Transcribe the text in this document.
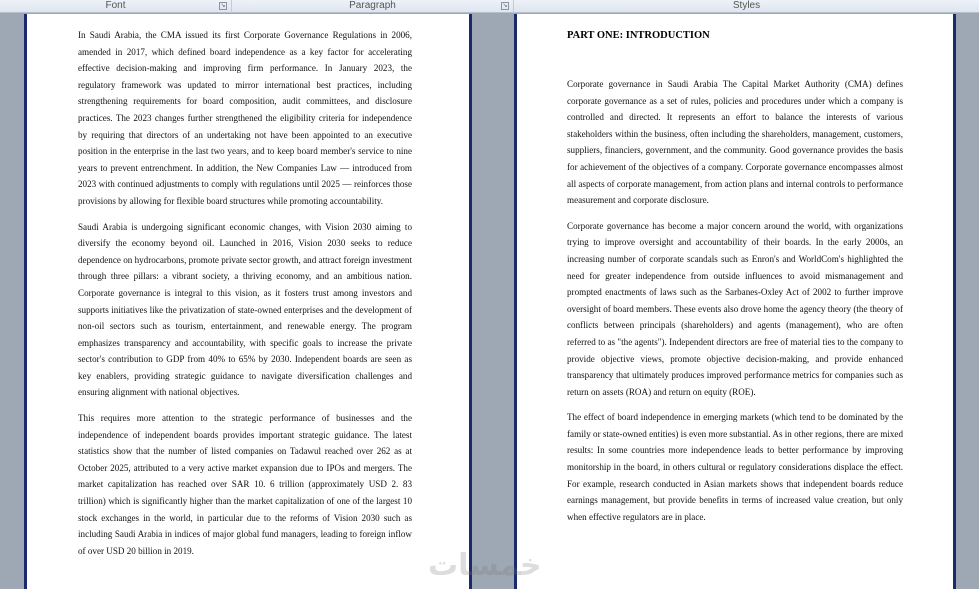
Font	↘	Paragraph	↘	Styles

In Saudi Arabia, the CMA issued its first Corporate Governance Regulations in 2006, amended in 2017, which defined board independence as a key factor for accelerating effective decision-making and improving firm performance. In January 2023, the regulatory framework was updated to mirror international best practices, including strengthening requirements for board composition, audit committees, and disclosure practices. The 2023 changes further strengthened the eligibility criteria for independence by requiring that directors of an undertaking not have been appointed to an executive position in the enterprise in the last two years, and to keep board member's service to nine years to prevent entrenchment. In addition, the New Companies Law — introduced from 2023 with continued adjustments to comply with regulations until 2025 — reinforces those provisions by allowing for flexible board structures while promoting accountability.

Saudi Arabia is undergoing significant economic changes, with Vision 2030 aiming to diversify the economy beyond oil. Launched in 2016, Vision 2030 seeks to reduce dependence on hydrocarbons, promote private sector growth, and attract foreign investment through three pillars: a vibrant society, a thriving economy, and an ambitious nation. Corporate governance is integral to this vision, as it fosters trust among investors and supports initiatives like the privatization of state-owned enterprises and the development of non-oil sectors such as tourism, entertainment, and renewable energy. The program emphasizes transparency and accountability, with specific goals to increase the private sector's contribution to GDP from 40% to 65% by 2030. Independent boards are seen as key enablers, providing strategic guidance to navigate diversification challenges and ensuring alignment with national objectives.

This requires more attention to the strategic performance of businesses and the independence of independent boards provides important strategic guidance. The latest statistics show that the number of listed companies on Tadawul reached over 262 as at October 2025, attributed to a very active market expansion due to IPOs and mergers. The market capitalization has reached over SAR 10. 6 trillion (approximately USD 2. 83 trillion) which is significantly higher than the market capitalization of one of the largest 10 stock exchanges in the world, in particular due to the reforms of Vision 2030 such as including Saudi Arabia in indices of major global fund managers, leading to foreign inflow of over USD 20 billion in 2019.

PART ONE: INTRODUCTION

Corporate governance in Saudi Arabia The Capital Market Authority (CMA) defines corporate governance as a set of rules, policies and procedures under which a company is controlled and directed. It represents an effort to balance the interests of various stakeholders within the business, often including the shareholders, management, customers, suppliers, financiers, government, and the community. Good governance provides the basis for achievement of the objectives of a company. Corporate governance encompasses almost all aspects of corporate management, from action plans and internal controls to performance measurement and corporate disclosure.

Corporate governance has become a major concern around the world, with organizations trying to improve oversight and accountability of their boards. In the early 2000s, an increasing number of corporate scandals such as Enron's and WorldCom's highlighted the need for greater independence from outside influences to avoid mismanagement and prompted enactments of laws such as the Sarbanes-Oxley Act of 2002 to further improve oversight of board members. These events also drove home the agency theory (the theory of conflicts between principals (shareholders) and agents (management), who are often referred to as "the agents"). Independent directors are free of material ties to the company to provide objective views, promote objective decision-making, and provide enhanced transparency that ultimately produces improved performance metrics for companies such as return on assets (ROA) and return on equity (ROE).

The effect of board independence in emerging markets (which tend to be dominated by the family or state-owned entities) is even more substantial. As in other regions, there are mixed results: In some countries more independence leads to better performance by improving monitorship in the board, in others cultural or regulatory considerations displace the effect. For example, research conducted in Asian markets shows that independent boards reduce earnings management, but provide benefits in terms of increased value creation, but only when effective regulators are in place.

خمسات
